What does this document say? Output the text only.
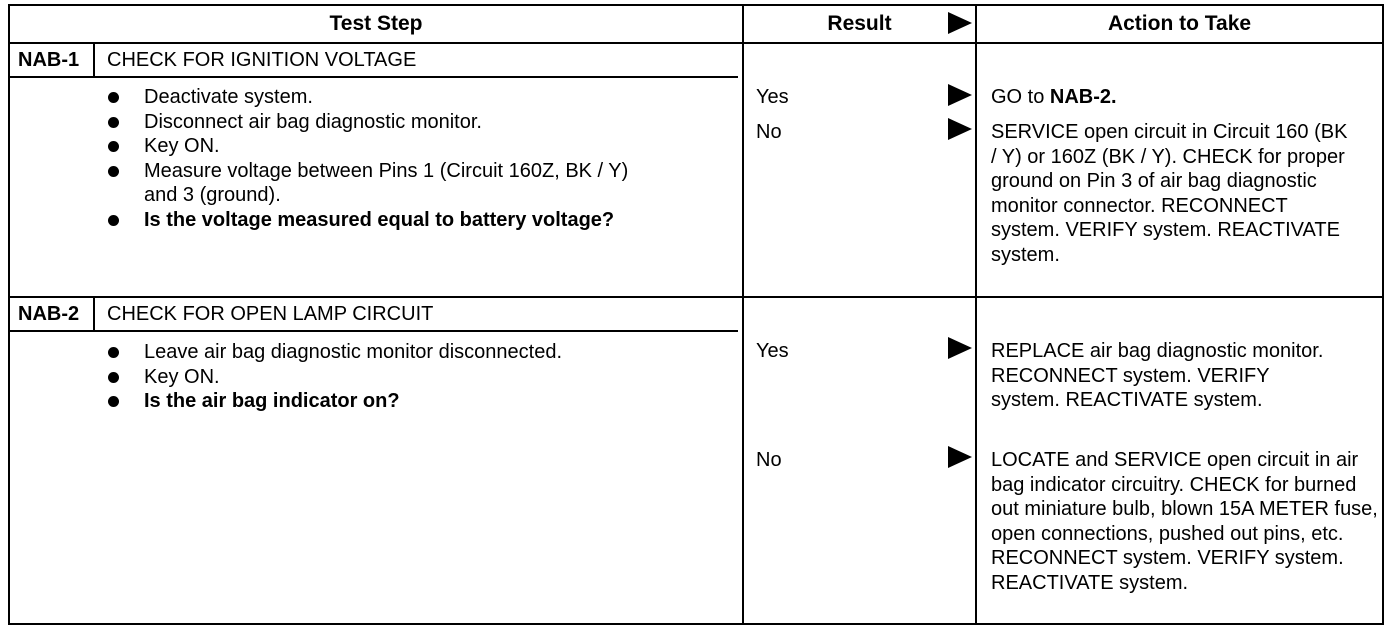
Test Step	Result	Action to Take
NAB-1 CHECK FOR IGNITION VOLTAGE
Deactivate system.
Disconnect air bag diagnostic monitor.
Key ON.
Measure voltage between Pins 1 (Circuit 160Z, BK / Y) and 3 (ground).
Is the voltage measured equal to battery voltage?
Yes	GO to NAB-2.
No	SERVICE open circuit in Circuit 160 (BK / Y) or 160Z (BK / Y). CHECK for proper ground on Pin 3 of air bag diagnostic monitor connector. RECONNECT system. VERIFY system. REACTIVATE system.
NAB-2 CHECK FOR OPEN LAMP CIRCUIT
Leave air bag diagnostic monitor disconnected.
Key ON.
Is the air bag indicator on?
Yes	REPLACE air bag diagnostic monitor. RECONNECT system. VERIFY system. REACTIVATE system.
No	LOCATE and SERVICE open circuit in air bag indicator circuitry. CHECK for burned out miniature bulb, blown 15A METER fuse, open connections, pushed out pins, etc. RECONNECT system. VERIFY system. REACTIVATE system.
